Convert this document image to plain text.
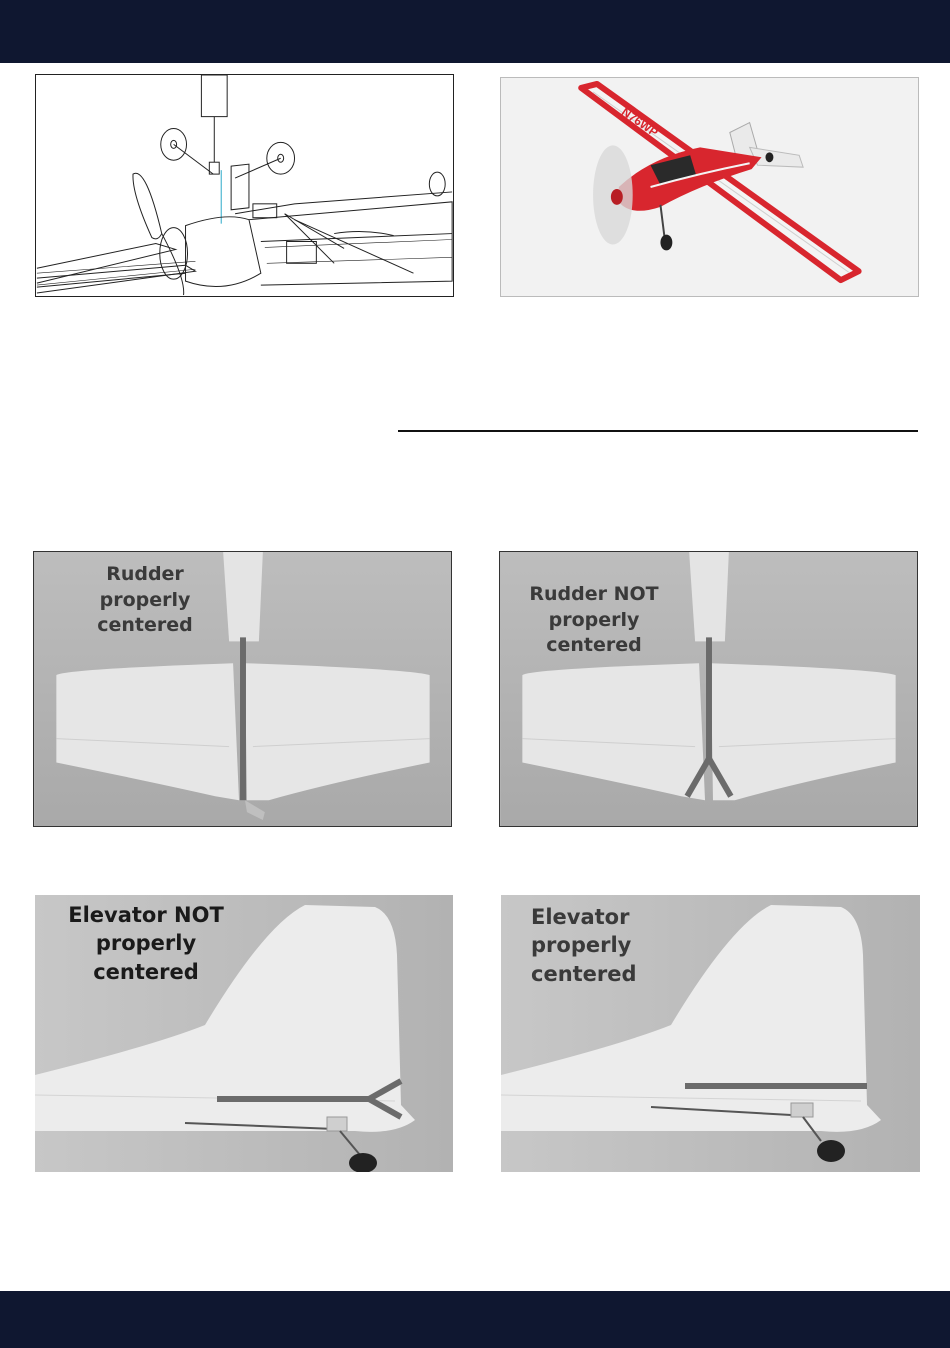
N76WP
Rudder
properly
centered
Rudder NOT
properly centered
Elevator NOT
properly centered
Elevator
properly
centered
